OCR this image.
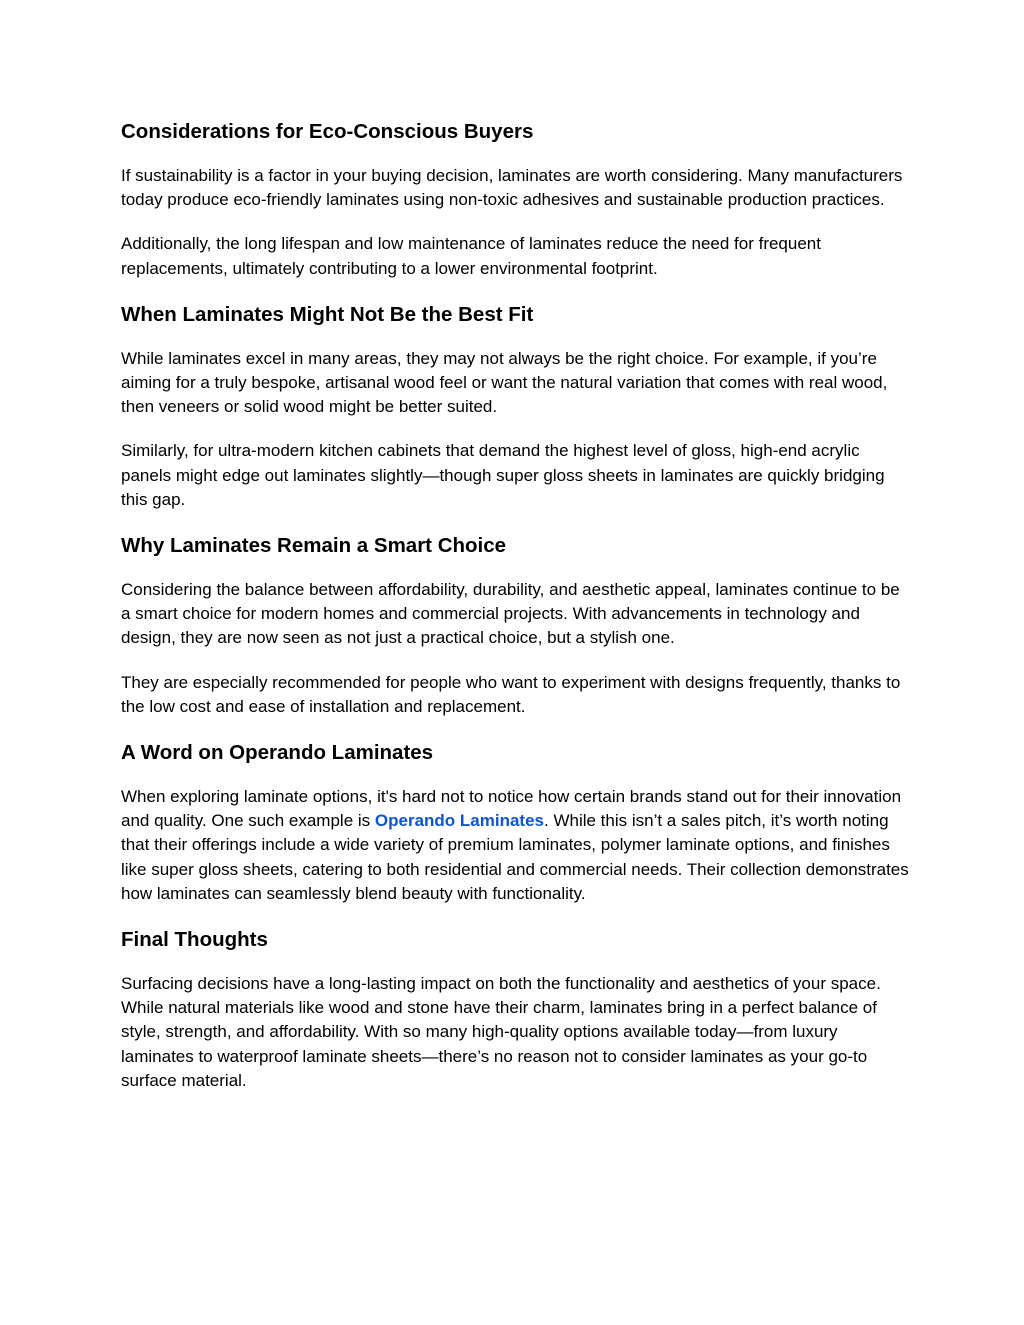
Considerations for Eco-Conscious Buyers

If sustainability is a factor in your buying decision, laminates are worth considering. Many manufacturers today produce eco-friendly laminates using non-toxic adhesives and sustainable production practices.

Additionally, the long lifespan and low maintenance of laminates reduce the need for frequent replacements, ultimately contributing to a lower environmental footprint.

When Laminates Might Not Be the Best Fit

While laminates excel in many areas, they may not always be the right choice. For example, if you’re aiming for a truly bespoke, artisanal wood feel or want the natural variation that comes with real wood, then veneers or solid wood might be better suited.

Similarly, for ultra-modern kitchen cabinets that demand the highest level of gloss, high-end acrylic panels might edge out laminates slightly—though super gloss sheets in laminates are quickly bridging this gap.

Why Laminates Remain a Smart Choice

Considering the balance between affordability, durability, and aesthetic appeal, laminates continue to be a smart choice for modern homes and commercial projects. With advancements in technology and design, they are now seen as not just a practical choice, but a stylish one.

They are especially recommended for people who want to experiment with designs frequently, thanks to the low cost and ease of installation and replacement.

A Word on Operando Laminates

When exploring laminate options, it's hard not to notice how certain brands stand out for their innovation and quality. One such example is Operando Laminates. While this isn’t a sales pitch, it’s worth noting that their offerings include a wide variety of premium laminates, polymer laminate options, and finishes like super gloss sheets, catering to both residential and commercial needs. Their collection demonstrates how laminates can seamlessly blend beauty with functionality.

Final Thoughts

Surfacing decisions have a long-lasting impact on both the functionality and aesthetics of your space. While natural materials like wood and stone have their charm, laminates bring in a perfect balance of style, strength, and affordability. With so many high-quality options available today—from luxury laminates to waterproof laminate sheets—there’s no reason not to consider laminates as your go-to surface material.
